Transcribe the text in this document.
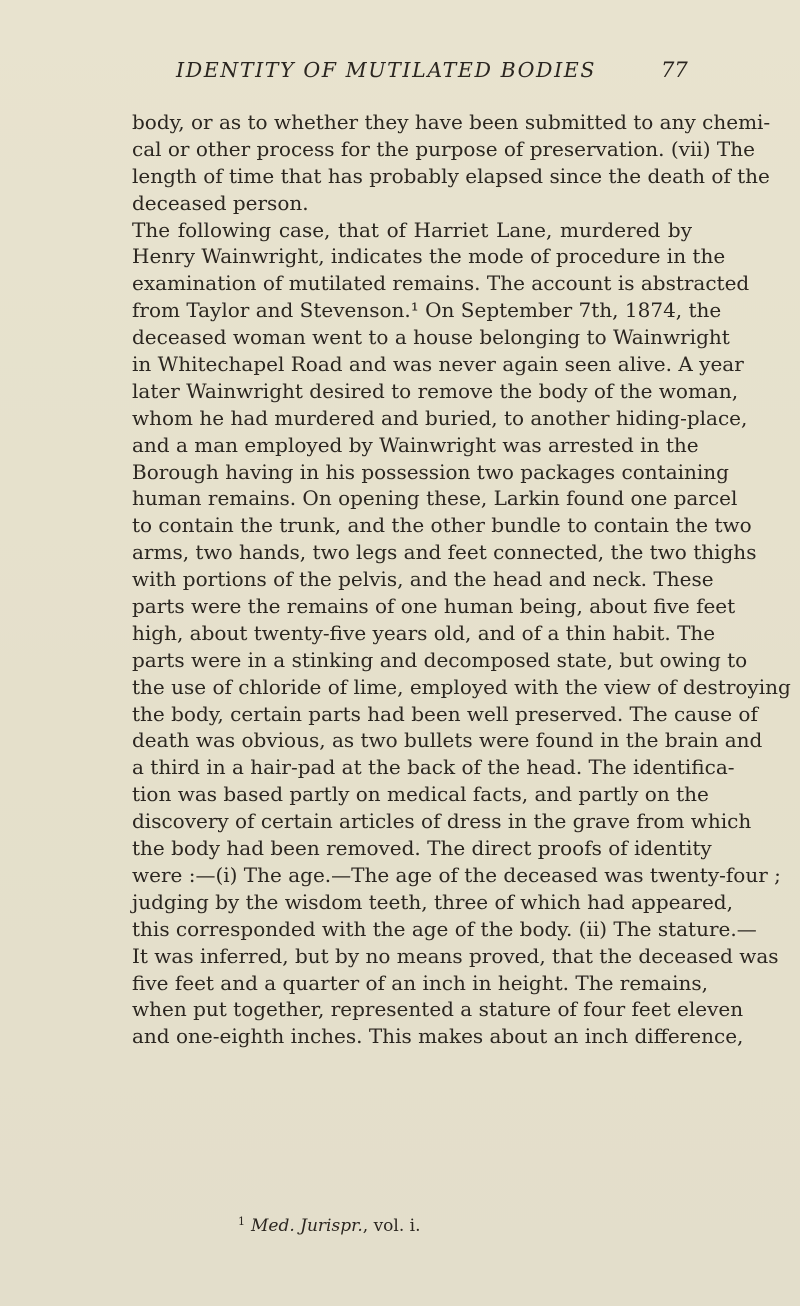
IDENTITY OF MUTILATED BODIES	77
body, or as to whether they have been submitted to any chemi-
cal or other process for the purpose of preservation. (vii) The
length of time that has probably elapsed since the death of the
deceased person.
The following case, that of Harriet Lane, murdered by
Henry Wainwright, indicates the mode of procedure in the
examination of mutilated remains. The account is abstracted
from Taylor and Stevenson.¹ On September 7th, 1874, the
deceased woman went to a house belonging to Wainwright
in Whitechapel Road and was never again seen alive. A year
later Wainwright desired to remove the body of the woman,
whom he had murdered and buried, to another hiding-place,
and a man employed by Wainwright was arrested in the
Borough having in his possession two packages containing
human remains. On opening these, Larkin found one parcel
to contain the trunk, and the other bundle to contain the two
arms, two hands, two legs and feet connected, the two thighs
with portions of the pelvis, and the head and neck. These
parts were the remains of one human being, about five feet
high, about twenty-five years old, and of a thin habit. The
parts were in a stinking and decomposed state, but owing to
the use of chloride of lime, employed with the view of destroying
the body, certain parts had been well preserved. The cause of
death was obvious, as two bullets were found in the brain and
a third in a hair-pad at the back of the head. The identifica-
tion was based partly on medical facts, and partly on the
discovery of certain articles of dress in the grave from which
the body had been removed. The direct proofs of identity
were :—(i) The age.—The age of the deceased was twenty-four ;
judging by the wisdom teeth, three of which had appeared,
this corresponded with the age of the body. (ii) The stature.—
It was inferred, but by no means proved, that the deceased was
five feet and a quarter of an inch in height. The remains,
when put together, represented a stature of four feet eleven
and one-eighth inches. This makes about an inch difference,
$^1$ Med. Jurispr., vol. i.
